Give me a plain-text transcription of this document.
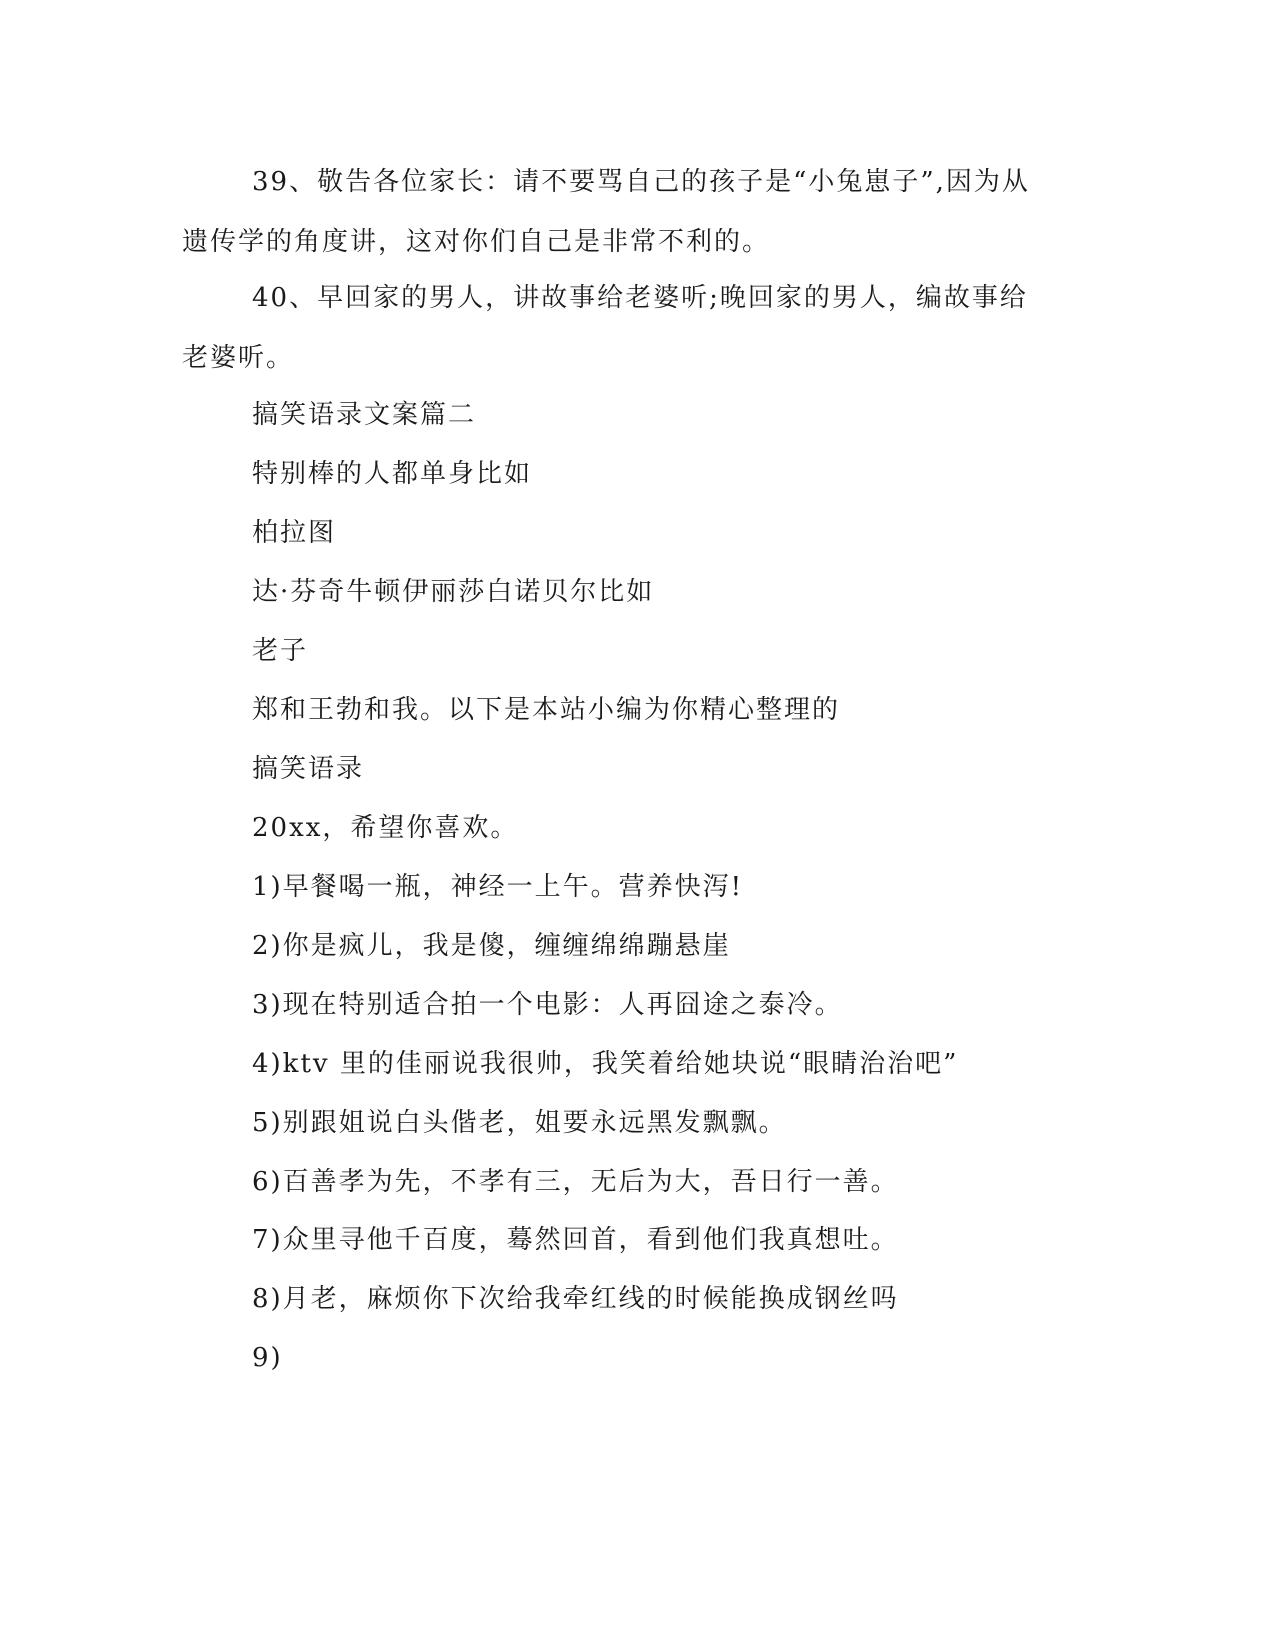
39、敬告各位家长：请不要骂自己的孩子是“小兔崽子”,因为从遗传学的角度讲，这对你们自己是非常不利的。

40、早回家的男人，讲故事给老婆听;晚回家的男人，编故事给老婆听。

搞笑语录文案篇二

特别棒的人都单身比如

柏拉图

达·芬奇牛顿伊丽莎白诺贝尔比如

老子

郑和王勃和我。以下是本站小编为你精心整理的

搞笑语录

20xx，希望你喜欢。

1)早餐喝一瓶，神经一上午。营养快泻!

2)你是疯儿，我是傻，缠缠绵绵蹦悬崖

3)现在特别适合拍一个电影：人再囧途之泰冷。

4)ktv 里的佳丽说我很帅，我笑着给她块说“眼睛治治吧”

5)别跟姐说白头偕老，姐要永远黑发飘飘。

6)百善孝为先，不孝有三，无后为大，吾日行一善。

7)众里寻他千百度，蓦然回首，看到他们我真想吐。

8)月老，麻烦你下次给我牵红线的时候能换成钢丝吗

9)
